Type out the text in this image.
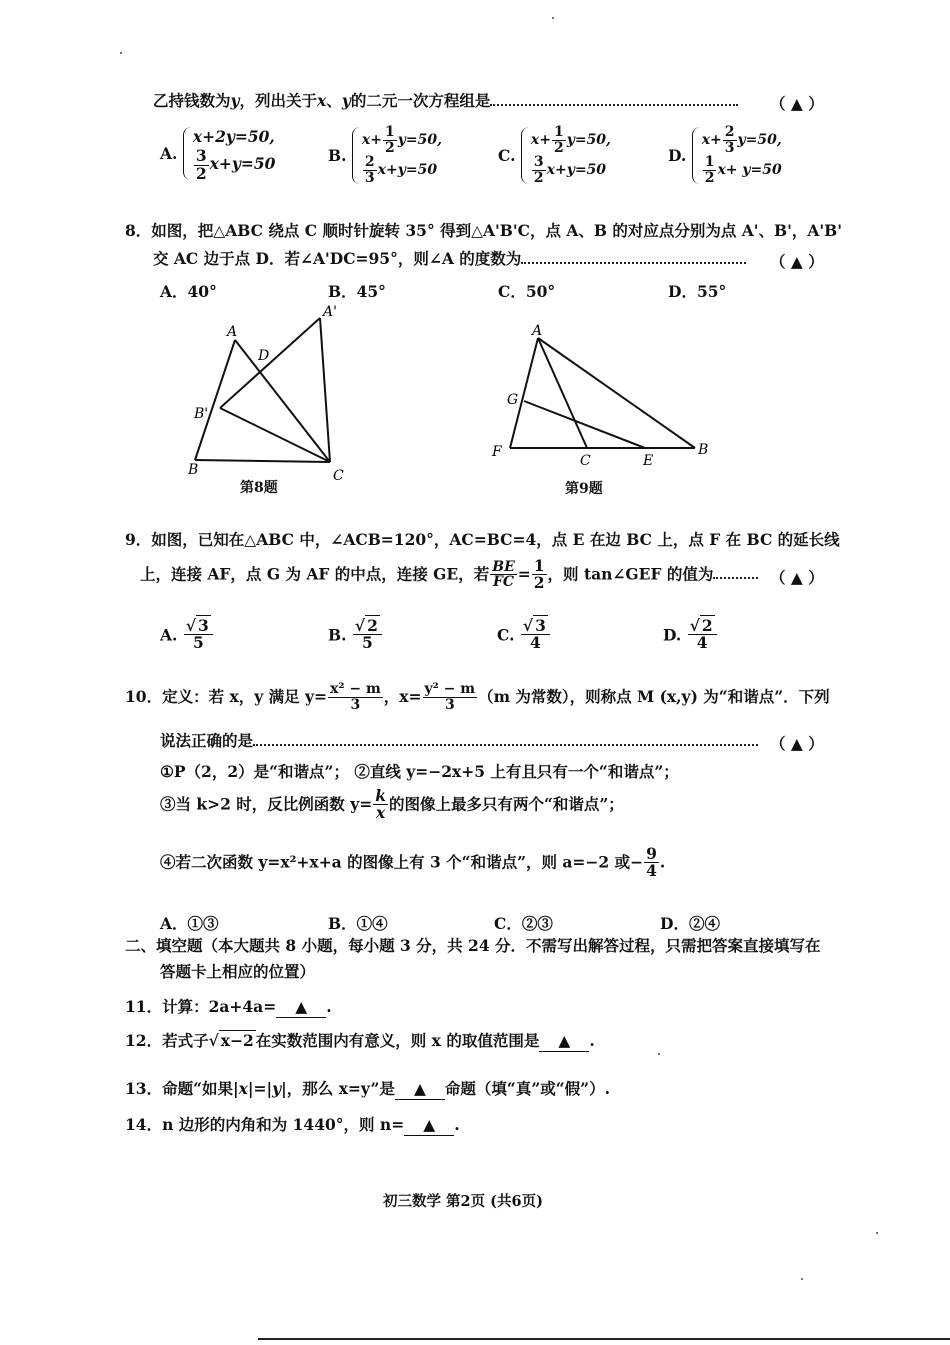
乙持钱数为y，列出关于x、y的二元一次方程组是	（ ▲ ）
A.
x+2y=50,
$\frac{3}{2} x+y=50$	B.
$x+ \frac{1}{2} y=50$,
$\frac{2}{3} x+y=50$
C.
$x+ \frac{1}{2} y=50$,
$\frac{3}{2} x+y=50$
D.
$x+ \frac{2}{3} y=50$,
$\frac{1}{2} x+ y=50$
8．如图，把△ABC 绕点 C 顺时针旋转 35° 得到△A'B'C，点 A、B 的对应点分别为点 A'、B'，A'B'
交 AC 边于点 D．若∠A'DC=95°，则∠A 的度数为	（ ▲ ）
A．40°	B．45°	C．50°	D．55°
A
A'
D
B'
B	C
第8题
A
G
F
C	E
B
第9题
9．如图，已知在△ABC 中，∠ACB=120°，AC=BC=4，点 E 在边 BC 上，点 F 在 BC 的延长线
上，连接 AF，点 G 为 AF 的中点，连接 GE，若 $\frac{BE}{FC} = \frac{1}{2}$ ，则 tan∠GEF 的值为	（ ▲ ）
A. $\frac{√ 3}{5}$	B. $\frac{√ 2}{5}$	C. $\frac{√ 3}{4}$	D. $\frac{√ 2}{4}$
10．定义：若 x，y 满足 $y= \frac{\text{x² − m}}{3}$ ，$x= \frac{\text{y² − m}}{3} (m$ 为常数），则称点 M (x,y) 为“和谐点”．下列
说法正确的是	（ ▲ ）
①P（2，2）是“和谐点”； ②直线 y=−2x+5 上有且只有一个“和谐点”；
③当 k>2 时，反比例函数 $y= \frac{k}{x}$ 的图像上最多只有两个“和谐点”；
④若二次函数 y=x²+x+a 的图像上有 3 个“和谐点”，则 a=−2 或− $\frac{9}{4}$ .
A．①③	B．①④	C．②③	D．②④
二、填空题（本大题共 8 小题，每小题 3 分，共 24 分．不需写出解答过程，只需把答案直接填写在
答题卡上相应的位置）
11．计算：2a+4a= ▲ .
12．若式子√ x−2 在实数范围内有意义，则 x 的取值范围是 ▲ .
13．命题“如果|x|=|y|，那么 x=y”是 ▲ 命题（填“真”或“假”）.
14．n 边形的内角和为 1440°，则 n= ▲ .
初三数学 第2页 (共6页)
